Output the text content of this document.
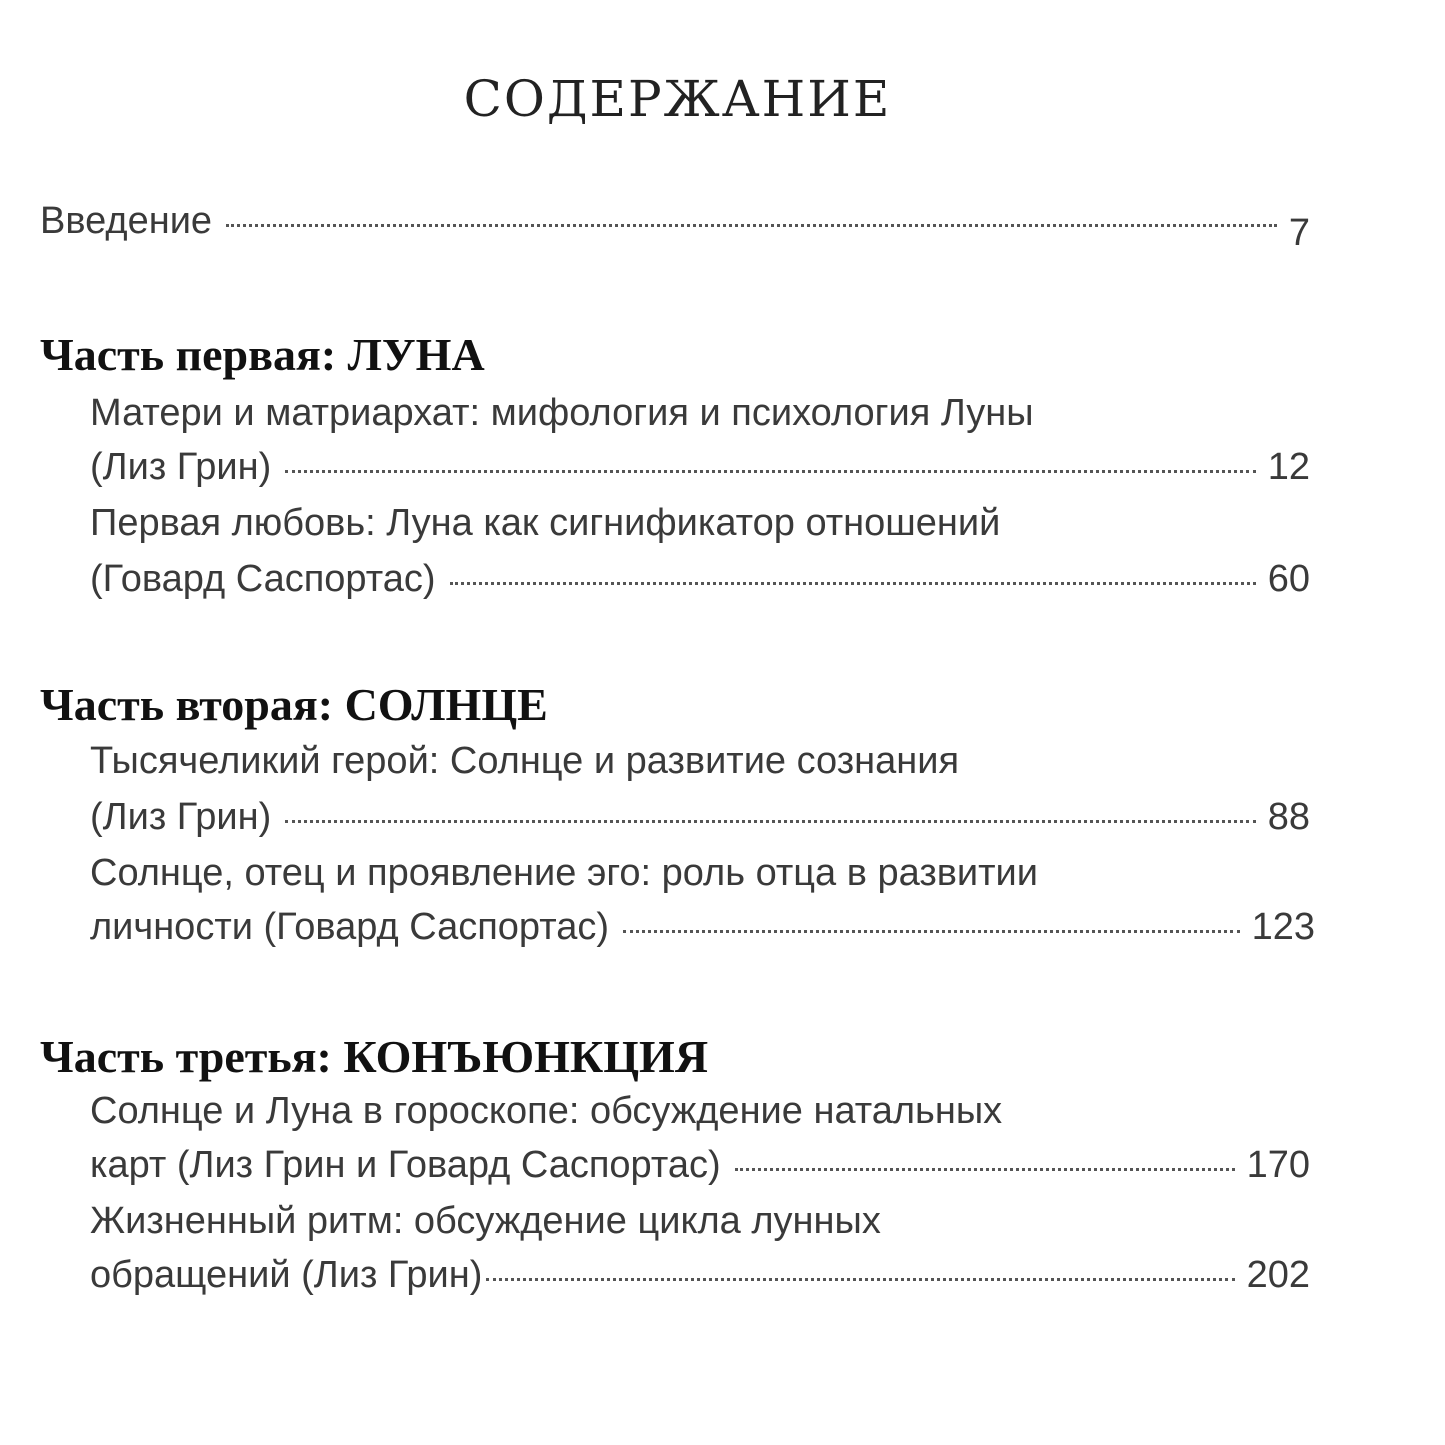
СОДЕРЖАНИЕ
Введение	7
Часть первая: ЛУНА
Матери и матриархат: мифология и психология Луны
(Лиз Грин)	12
Первая любовь: Луна как сигнификатор отношений
(Говард Саспортас)	60
Часть вторая: СОЛНЦЕ
Тысячеликий герой: Солнце и развитие сознания
(Лиз Грин)	88
Солнце, отец и проявление эго: роль отца в развитии
личности (Говард Саспортас)	123
Часть третья: КОНЪЮНКЦИЯ
Солнце и Луна в гороскопе: обсуждение натальных
карт (Лиз Грин и Говард Саспортас)	170
Жизненный ритм: обсуждение цикла лунных
обращений (Лиз Грин)	202
